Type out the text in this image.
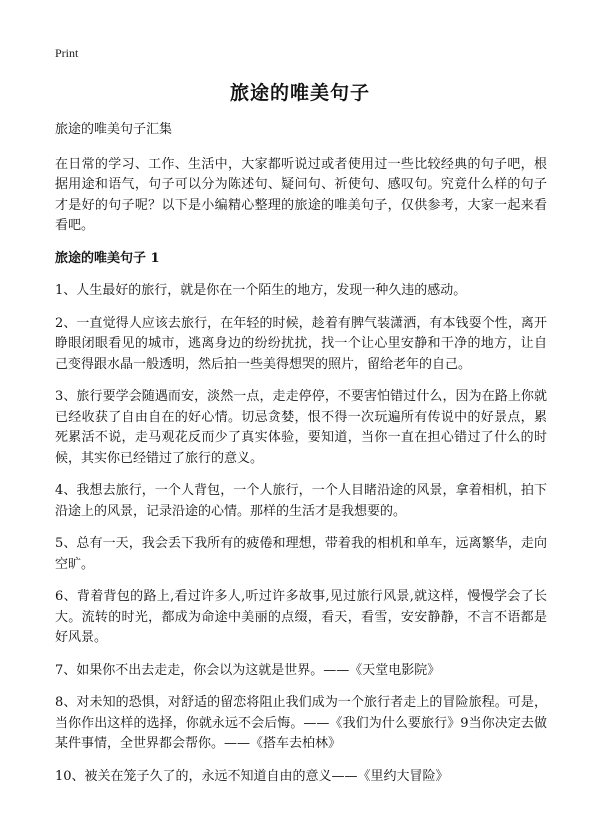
Print
旅途的唯美句子

旅途的唯美句子汇集

在日常的学习、工作、生活中，大家都听说过或者使用过一些比较经典的句子吧，根据用途和语气，句子可以分为陈述句、疑问句、祈使句、感叹句。究竟什么样的句子才是好的句子呢？以下是小编精心整理的旅途的唯美句子，仅供参考，大家一起来看看吧。

旅途的唯美句子 1

1、人生最好的旅行，就是你在一个陌生的地方，发现一种久违的感动。

2、一直觉得人应该去旅行，在年轻的时候，趁着有脾气装潇洒，有本钱耍个性，离开睁眼闭眼看见的城市，逃离身边的纷纷扰扰，找一个让心里安静和干净的地方，让自己变得跟水晶一般透明，然后拍一些美得想哭的照片，留给老年的自己。

3、旅行要学会随遇而安，淡然一点，走走停停，不要害怕错过什么，因为在路上你就已经收获了自由自在的好心情。切忌贪婪，恨不得一次玩遍所有传说中的好景点，累死累活不说，走马观花反而少了真实体验，要知道，当你一直在担心错过了什么的时候，其实你已经错过了旅行的意义。

4、我想去旅行，一个人背包，一个人旅行，一个人目睹沿途的风景，拿着相机，拍下沿途上的风景，记录沿途的心情。那样的生活才是我想要的。

5、总有一天，我会丢下我所有的疲倦和理想，带着我的相机和单车，远离繁华，走向空旷。

6、背着背包的路上,看过许多人,听过许多故事,见过旅行风景,就这样，慢慢学会了长大。流转的时光，都成为命途中美丽的点缀，看天，看雪，安安静静，不言不语都是好风景。

7、如果你不出去走走，你会以为这就是世界。——《天堂电影院》

8、对未知的恐惧，对舒适的留恋将阻止我们成为一个旅行者走上的冒险旅程。可是，当你作出这样的选择，你就永远不会后悔。——《我们为什么要旅行》9当你决定去做某件事情，全世界都会帮你。——《搭车去柏林》

10、被关在笼子久了的，永远不知道自由的意义——《里约大冒险》
